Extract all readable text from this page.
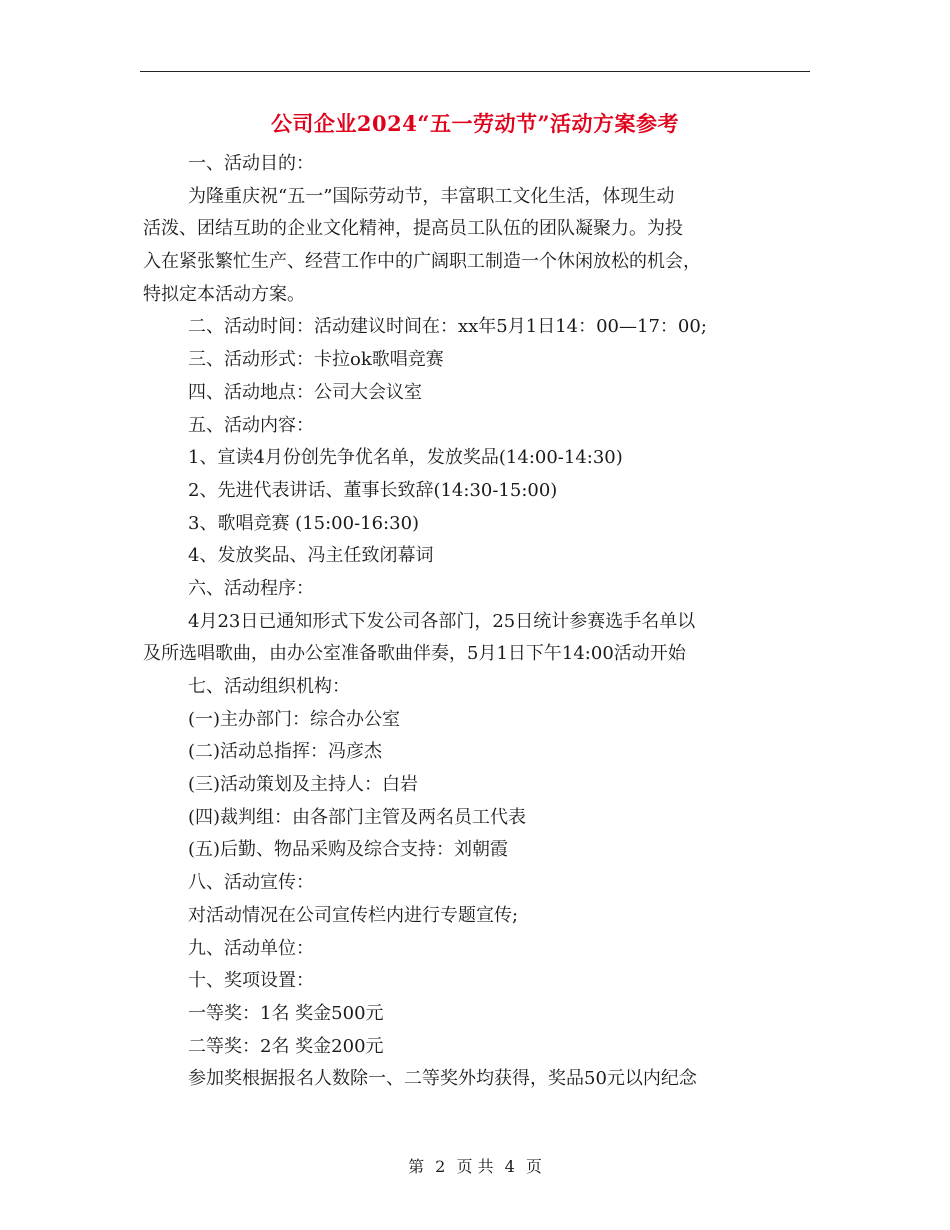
公司企业2024“五一劳动节”活动方案参考
一、活动目的：
为隆重庆祝“五一”国际劳动节，丰富职工文化生活，体现生动
活泼、团结互助的企业文化精神，提高员工队伍的团队凝聚力。为投
入在紧张繁忙生产、经营工作中的广阔职工制造一个休闲放松的机会，
特拟定本活动方案。
二、活动时间：活动建议时间在：xx年5月1日14：00—17：00;
三、活动形式：卡拉ok歌唱竞赛
四、活动地点：公司大会议室
五、活动内容：
1、宣读4月份创先争优名单，发放奖品(14:00-14:30)
2、先进代表讲话、董事长致辞(14:30-15:00)
3、歌唱竞赛 (15:00-16:30)
4、发放奖品、冯主任致闭幕词
六、活动程序：
4月23日已通知形式下发公司各部门，25日统计参赛选手名单以
及所选唱歌曲，由办公室准备歌曲伴奏，5月1日下午14:00活动开始
七、活动组织机构：
(一)主办部门：综合办公室
(二)活动总指挥：冯彦杰
(三)活动策划及主持人：白岩
(四)裁判组：由各部门主管及两名员工代表
(五)后勤、物品采购及综合支持：刘朝霞
八、活动宣传：
对活动情况在公司宣传栏内进行专题宣传;
九、活动单位：
十、奖项设置：
一等奖：1名 奖金500元
二等奖：2名 奖金200元
参加奖根据报名人数除一、二等奖外均获得，奖品50元以内纪念
第 2 页 共 4 页
